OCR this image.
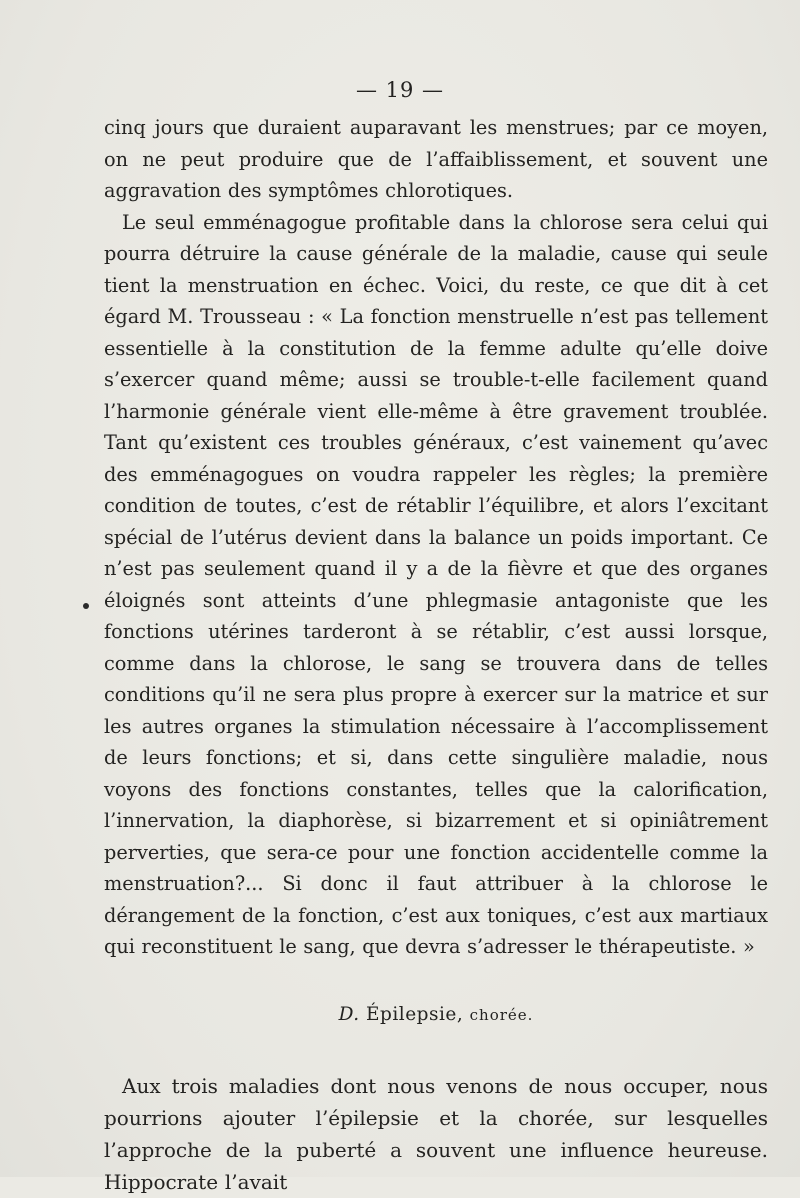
— 19 —

cinq jours que duraient auparavant les menstrues; par ce moyen, on ne peut produire que de l’affaiblissement, et souvent une aggravation des symptômes chlorotiques.

Le seul emménagogue profitable dans la chlorose sera celui qui pourra détruire la cause générale de la maladie, cause qui seule tient la menstruation en échec. Voici, du reste, ce que dit à cet égard M. Trousseau : « La fonction menstruelle n’est pas tellement essentielle à la constitution de la femme adulte qu’elle doive s’exercer quand même; aussi se trouble-t-elle facilement quand l’harmonie générale vient elle-même à être gravement troublée. Tant qu’existent ces troubles généraux, c’est vainement qu’avec des emménagogues on voudra rappeler les règles; la première condition de toutes, c’est de rétablir l’équilibre, et alors l’excitant spécial de l’utérus devient dans la balance un poids important. Ce n’est pas seulement quand il y a de la fièvre et que des organes éloignés sont atteints d’une phlegmasie antagoniste que les fonctions utérines tarderont à se rétablir, c’est aussi lorsque, comme dans la chlorose, le sang se trouvera dans de telles conditions qu’il ne sera plus propre à exercer sur la matrice et sur les autres organes la stimulation nécessaire à l’accomplissement de leurs fonctions; et si, dans cette singulière maladie, nous voyons des fonctions constantes, telles que la calorification, l’innervation, la diaphorèse, si bizarrement et si opiniâtrement perverties, que sera-ce pour une fonction accidentelle comme la menstruation?... Si donc il faut attribuer à la chlorose le dérangement de la fonction, c’est aux toniques, c’est aux martiaux qui reconstituent le sang, que devra s’adresser le thérapeutiste. »

D. Épilepsie, chorée.

Aux trois maladies dont nous venons de nous occuper, nous pourrions ajouter l’épilepsie et la chorée, sur lesquelles l’approche de la puberté a souvent une influence heureuse. Hippocrate l’avait
